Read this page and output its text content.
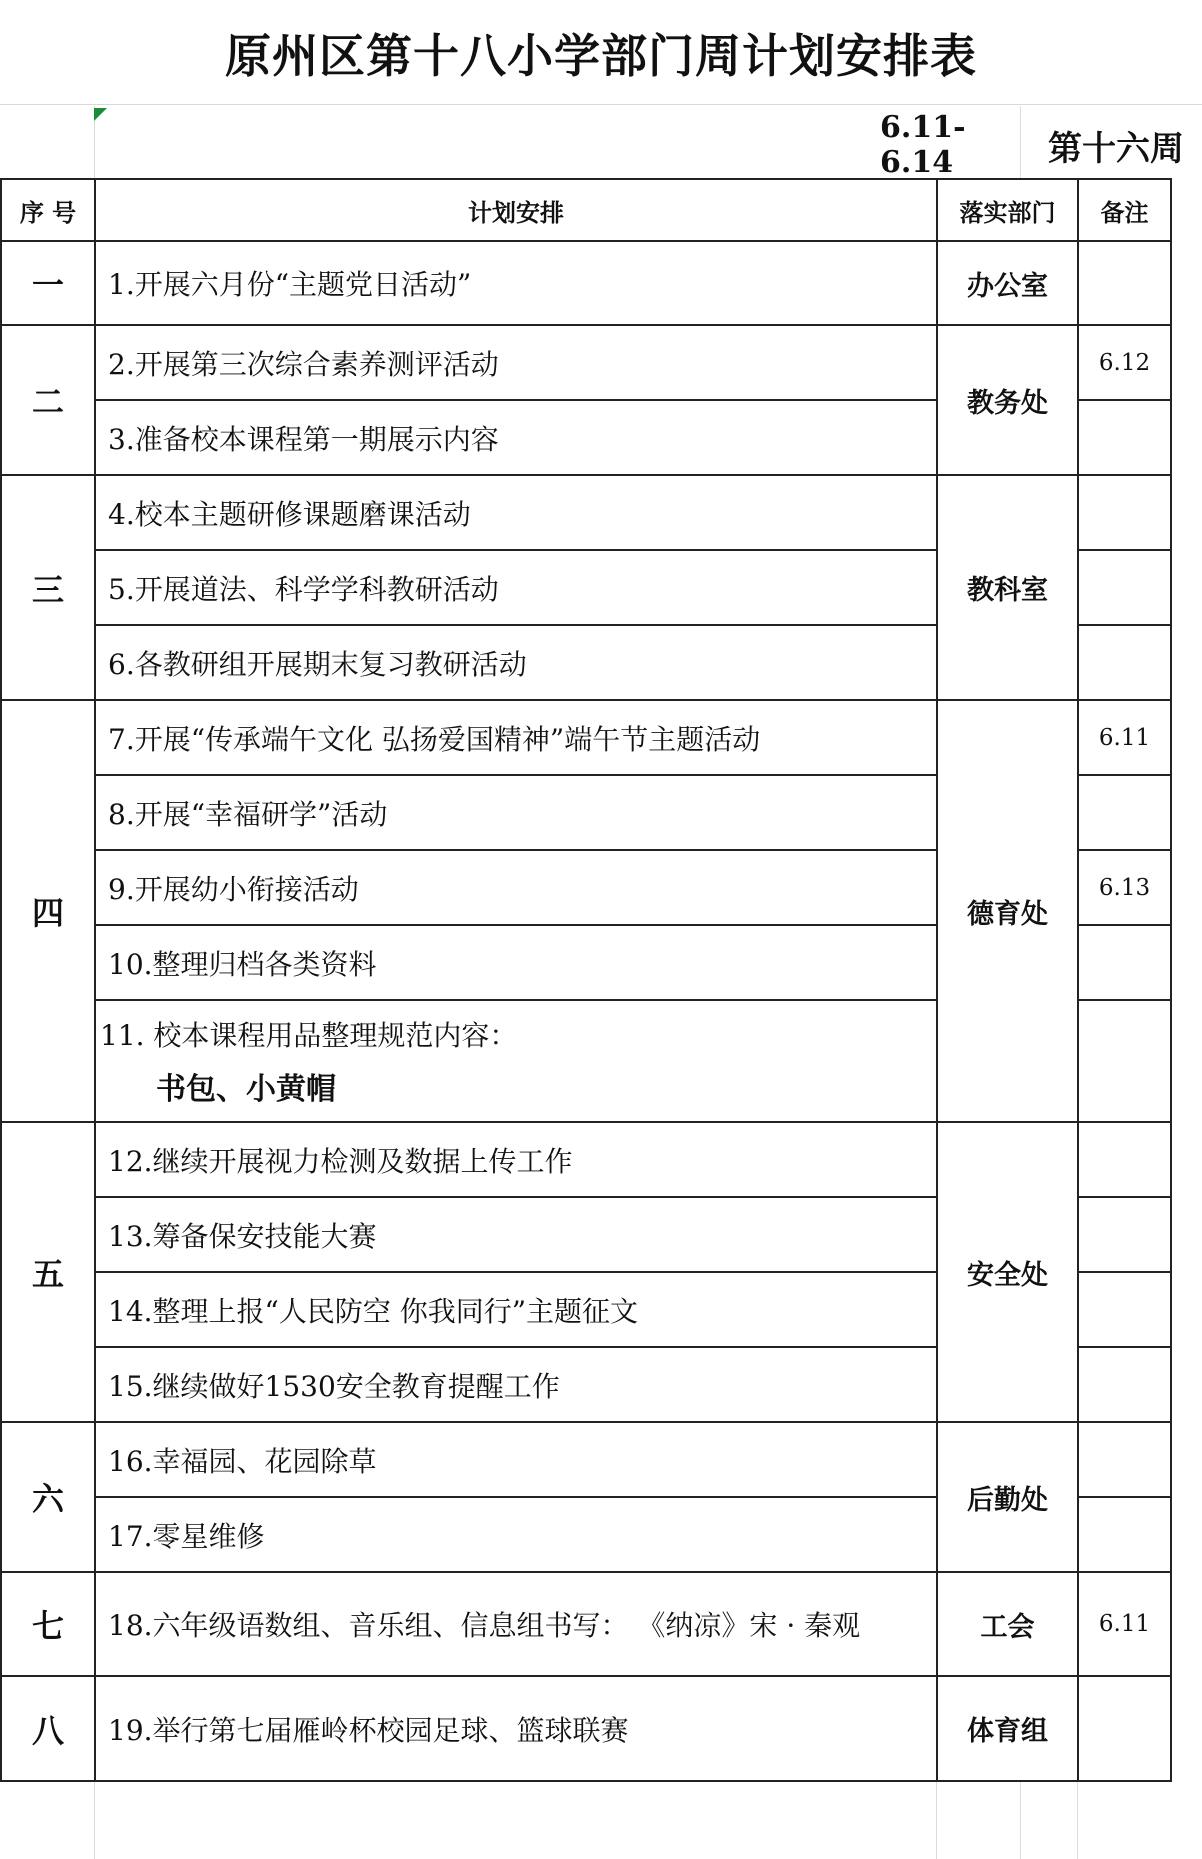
原州区第十八小学部门周计划安排表
6.11-6.14	第十六周
序 号	计划安排	落实部门	备注
一	1.开展六月份“主题党日活动”	办公室	
二	2.开展第三次综合素养测评活动	教务处	6.12
	3.准备校本课程第一期展示内容		
三	4.校本主题研修课题磨课活动	教科室	
	5.开展道法、科学学科教研活动		
	6.各教研组开展期末复习教研活动		
四	7.开展“传承端午文化 弘扬爱国精神”端午节主题活动	德育处	6.11
	8.开展“幸福研学”活动		
	9.开展幼小衔接活动		6.13
	10.整理归档各类资料		
	11. 校本课程用品整理规范内容：
书包、小黄帽		

五	12.继续开展视力检测及数据上传工作	安全处	
	13.筹备保安技能大赛		
	14.整理上报“人民防空 你我同行”主题征文		
	15.继续做好1530安全教育提醒工作		
六	16.幸福园、花园除草	后勤处	
	17.零星维修		
七	18.六年级语数组、音乐组、信息组书写： 《纳凉》宋 · 秦观	工会	6.11
八	19.举行第七届雁岭杯校园足球、篮球联赛	体育组	
